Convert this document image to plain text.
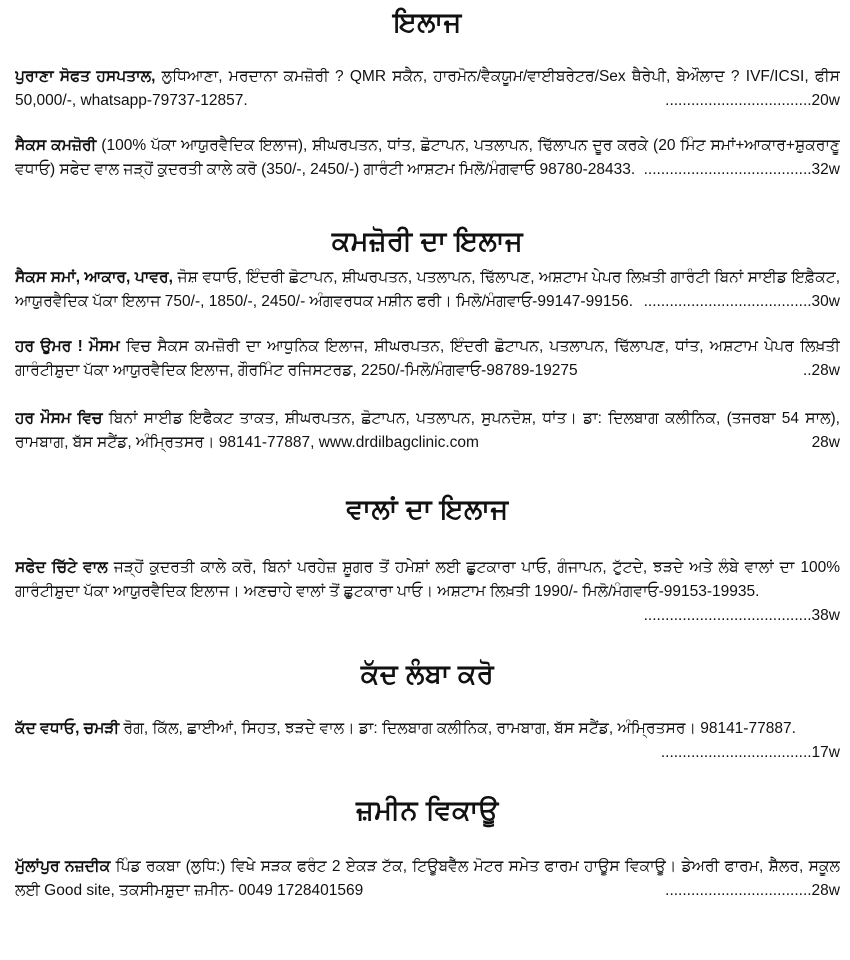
ਇਲਾਜ

ਪੁਰਾਣਾ ਸੋਫਤ ਹਸਪਤਾਲ, ਲੁਧਿਆਣਾ, ਮਰਦਾਨਾ ਕਮਜ਼ੋਰੀ ? QMR ਸਕੈਨ, ਹਾਰਮੋਨ/ਵੈਕਯੂਮ/ਵਾਈਬਰੇਟਰ/Sex ਥੈਰੇਪੀ, ਬੇਔਲਾਦ ? IVF/ICSI, ਫੀਸ 50,000/-, whatsapp-79737-12857.	..................................20w

ਸੈਕਸ ਕਮਜ਼ੋਰੀ (100% ਪੱਕਾ ਆਯੁਰਵੈਦਿਕ ਇਲਾਜ), ਸ਼ੀਘਰਪਤਨ, ਧਾਂਤ, ਛੋਟਾਪਨ, ਪਤਲਾਪਨ, ਢਿੱਲਾਪਨ ਦੂਰ ਕਰਕੇ (20 ਮਿੰਟ ਸਮਾਂ+ਆਕਾਰ+ਸ਼ੁਕਰਾਣੂ ਵਧਾਓ) ਸਫੇਦ ਵਾਲ ਜੜ੍ਹੋਂ ਕੁਦਰਤੀ ਕਾਲੇ ਕਰੋ (350/-, 2450/-) ਗਾਰੰਟੀ ਆਸ਼ਟਮ ਮਿਲੋ/ਮੰਗਵਾਓ 98780-28433. .......................................32w

ਕਮਜ਼ੋਰੀ ਦਾ ਇਲਾਜ

ਸੈਕਸ ਸਮਾਂ, ਆਕਾਰ, ਪਾਵਰ, ਜੋਸ਼ ਵਧਾਓ, ਇੰਦਰੀ ਛੋਟਾਪਨ, ਸ਼ੀਘਰਪਤਨ, ਪਤਲਾਪਨ, ਢਿੱਲਾਪਣ, ਅਸ਼ਟਾਮ ਪੇਪਰ ਲਿਖ਼ਤੀ ਗਾਰੰਟੀ ਬਿਨਾਂ ਸਾਈਡ ਇਫ਼ੈਕਟ, ਆਯੁਰਵੈਦਿਕ ਪੱਕਾ ਇਲਾਜ 750/-, 1850/-, 2450/- ਅੰਗਵਰਧਕ ਮਸ਼ੀਨ ਫਰੀ। ਮਿਲੋ/ਮੰਗਵਾਓ-99147-99156. .......................................30w

ਹਰ ਉਮਰ ! ਮੌਸਮ ਵਿਚ ਸੈਕਸ ਕਮਜ਼ੋਰੀ ਦਾ ਆਧੁਨਿਕ ਇਲਾਜ, ਸ਼ੀਘਰਪਤਨ, ਇੰਦਰੀ ਛੋਟਾਪਨ, ਪਤਲਾਪਨ, ਢਿੱਲਾਪਣ, ਧਾਂਤ, ਅਸ਼ਟਾਮ ਪੇਪਰ ਲਿਖ਼ਤੀ ਗਾਰੰਟੀਸ਼ੁਦਾ ਪੱਕਾ ਆਯੁਰਵੈਦਿਕ ਇਲਾਜ, ਗੌਰਮਿੰਟ ਰਜਿਸਟਰਡ, 2250/-ਮਿਲੋ/ਮੰਗਵਾਓ-98789-19275	..28w

ਹਰ ਮੌਸਮ ਵਿਚ ਬਿਨਾਂ ਸਾਈਡ ਇਫੈਕਟ ਤਾਕਤ, ਸ਼ੀਘਰਪਤਨ, ਛੋਟਾਪਨ, ਪਤਲਾਪਨ, ਸੁਪਨਦੋਸ਼, ਧਾਂਤ। ਡਾ: ਦਿਲਬਾਗ ਕਲੀਨਿਕ, (ਤਜਰਬਾ 54 ਸਾਲ), ਰਾਮਬਾਗ, ਬੱਸ ਸਟੈਂਡ, ਅੰਮ੍ਰਿਤਸਰ। 98141-77887, www.drdilbagclinic.com	28w

ਵਾਲਾਂ ਦਾ ਇਲਾਜ

ਸਫੇਦ ਚਿੱਟੇ ਵਾਲ ਜੜ੍ਹੋਂ ਕੁਦਰਤੀ ਕਾਲੇ ਕਰੋ, ਬਿਨਾਂ ਪਰਹੇਜ਼ ਸ਼ੂਗਰ ਤੋਂ ਹਮੇਸ਼ਾਂ ਲਈ ਛੁਟਕਾਰਾ ਪਾਓ, ਗੰਜਾਪਨ, ਟੁੱਟਦੇ, ਝੜਦੇ ਅਤੇ ਲੰਬੇ ਵਾਲਾਂ ਦਾ 100% ਗਾਰੰਟੀਸ਼ੁਦਾ ਪੱਕਾ ਆਯੁਰਵੈਦਿਕ ਇਲਾਜ। ਅਣਚਾਹੇ ਵਾਲਾਂ ਤੋਂ ਛੁਟਕਾਰਾ ਪਾਓ। ਅਸ਼ਟਾਮ ਲਿਖ਼ਤੀ 1990/- ਮਿਲੋ/ਮੰਗਵਾਓ-99153-19935.
.......................................38w

ਕੱਦ ਲੰਬਾ ਕਰੋ

ਕੱਦ ਵਧਾਓ, ਚਮੜੀ ਰੋਗ, ਕਿੱਲ, ਛਾਈਆਂ, ਸਿਹਤ, ਝੜਦੇ ਵਾਲ। ਡਾ: ਦਿਲਬਾਗ ਕਲੀਨਿਕ, ਰਾਮਬਾਗ, ਬੱਸ ਸਟੈਂਡ, ਅੰਮ੍ਰਿਤਸਰ। 98141-77887.
...................................17w

ਜ਼ਮੀਨ ਵਿਕਾਊ

ਮੁੱਲਾਂਪੁਰ ਨਜ਼ਦੀਕ ਪਿੰਡ ਰਕਬਾ (ਲੁਧਿ:) ਵਿਖੇ ਸੜਕ ਫਰੰਟ 2 ਏਕੜ ਟੱਕ, ਟਿਊਬਵੈੱਲ ਮੋਟਰ ਸਮੇਤ ਫਾਰਮ ਹਾਊਸ ਵਿਕਾਊ। ਡੇਅਰੀ ਫਾਰਮ, ਸ਼ੈੱਲਰ, ਸਕੂਲ ਲਈ Good site, ਤਕਸੀਮਸ਼ੁਦਾ ਜ਼ਮੀਨ- 0049 1728401569	..................................28w
